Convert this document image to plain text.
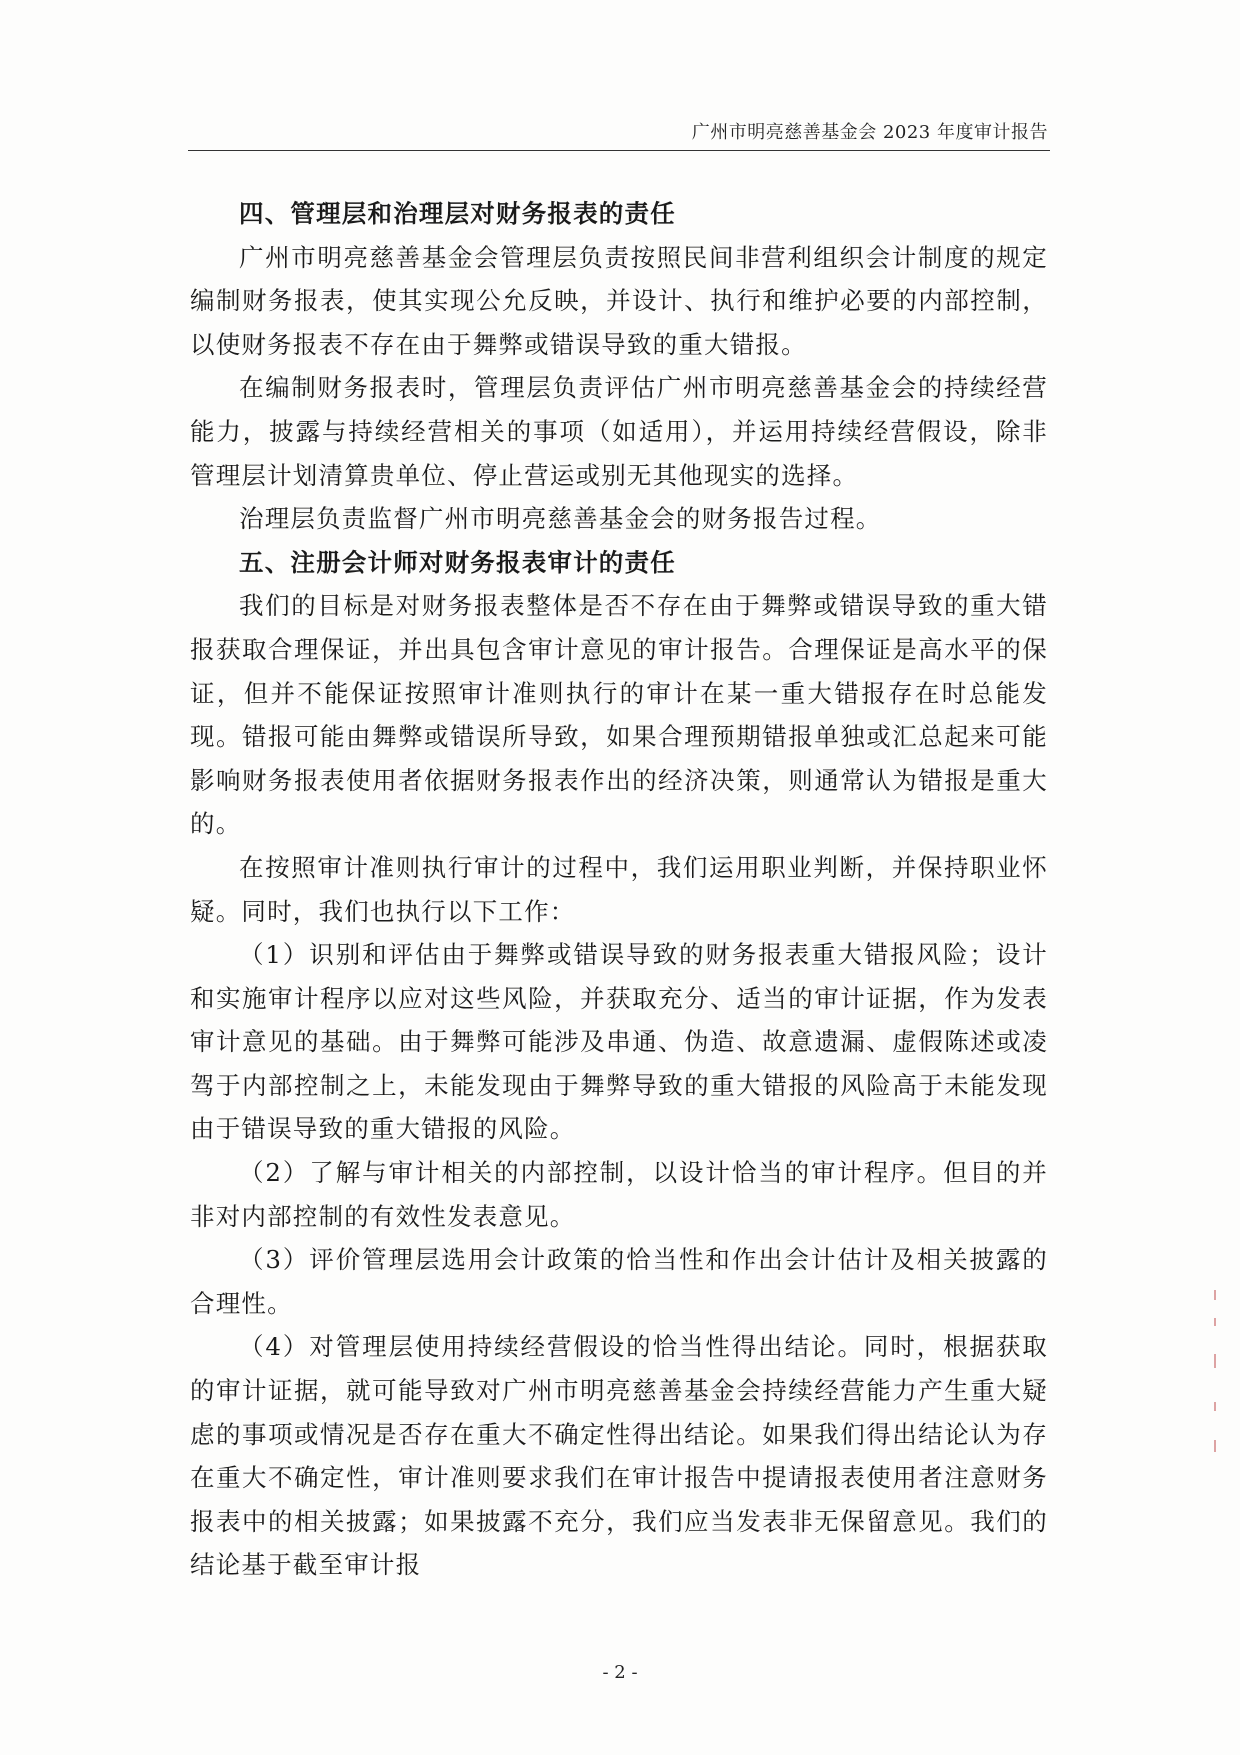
广州市明亮慈善基金会 2023 年度审计报告

四、管理层和治理层对财务报表的责任

广州市明亮慈善基金会管理层负责按照民间非营利组织会计制度的规定编制财务报表，使其实现公允反映，并设计、执行和维护必要的内部控制，以使财务报表不存在由于舞弊或错误导致的重大错报。

在编制财务报表时，管理层负责评估广州市明亮慈善基金会的持续经营能力，披露与持续经营相关的事项（如适用），并运用持续经营假设，除非管理层计划清算贵单位、停止营运或别无其他现实的选择。

治理层负责监督广州市明亮慈善基金会的财务报告过程。

五、注册会计师对财务报表审计的责任

我们的目标是对财务报表整体是否不存在由于舞弊或错误导致的重大错报获取合理保证，并出具包含审计意见的审计报告。合理保证是高水平的保证，但并不能保证按照审计准则执行的审计在某一重大错报存在时总能发现。错报可能由舞弊或错误所导致，如果合理预期错报单独或汇总起来可能影响财务报表使用者依据财务报表作出的经济决策，则通常认为错报是重大的。

在按照审计准则执行审计的过程中，我们运用职业判断，并保持职业怀疑。同时，我们也执行以下工作：

（1）识别和评估由于舞弊或错误导致的财务报表重大错报风险；设计和实施审计程序以应对这些风险，并获取充分、适当的审计证据，作为发表审计意见的基础。由于舞弊可能涉及串通、伪造、故意遗漏、虚假陈述或凌驾于内部控制之上，未能发现由于舞弊导致的重大错报的风险高于未能发现由于错误导致的重大错报的风险。

（2）了解与审计相关的内部控制，以设计恰当的审计程序。但目的并非对内部控制的有效性发表意见。

（3）评价管理层选用会计政策的恰当性和作出会计估计及相关披露的合理性。

（4）对管理层使用持续经营假设的恰当性得出结论。同时，根据获取的审计证据，就可能导致对广州市明亮慈善基金会持续经营能力产生重大疑虑的事项或情况是否存在重大不确定性得出结论。如果我们得出结论认为存在重大不确定性，审计准则要求我们在审计报告中提请报表使用者注意财务报表中的相关披露；如果披露不充分，我们应当发表非无保留意见。我们的结论基于截至审计报

- 2 -
